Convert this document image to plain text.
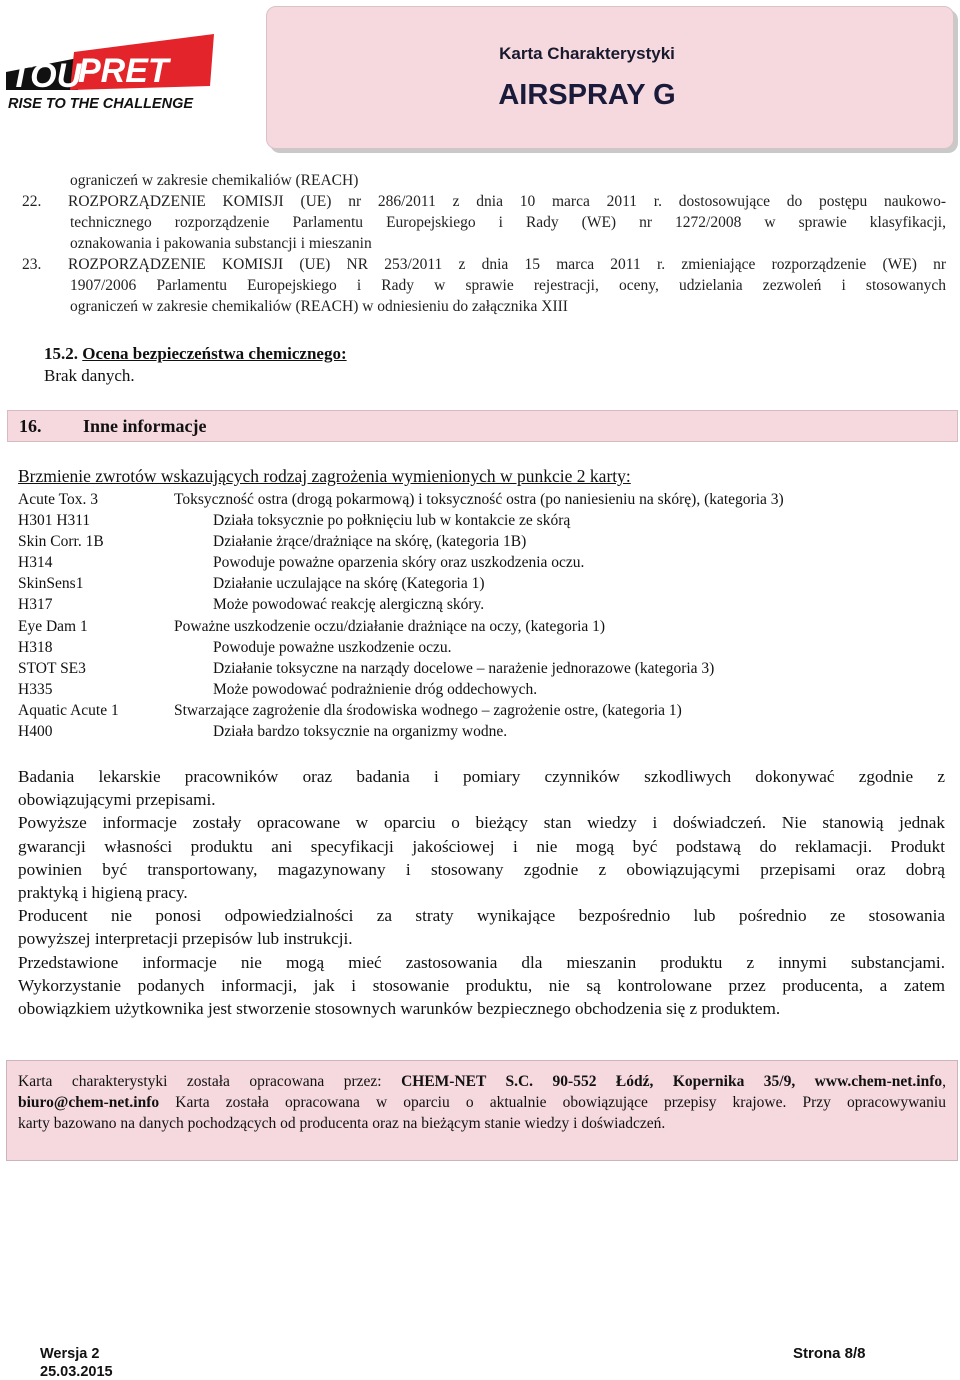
TOU
PRET
RISE TO THE CHALLENGE
Karta Charakterystyki
AIRSPRAY G
ograniczeń w zakresie chemikaliów (REACH)
22. ROZPORZĄDZENIE KOMISJI (UE) nr 286/2011 z dnia 10 marca 2011 r. dostosowujące do postępu naukowo-
technicznego rozporządzenie Parlamentu Europejskiego i Rady (WE) nr 1272/2008 w sprawie klasyfikacji,
oznakowania i pakowania substancji i mieszanin
23. ROZPORZĄDZENIE KOMISJI (UE) NR 253/2011 z dnia 15 marca 2011 r. zmieniające rozporządzenie (WE) nr
1907/2006 Parlamentu Europejskiego i Rady w sprawie rejestracji, oceny, udzielania zezwoleń i stosowanych
ograniczeń w zakresie chemikaliów (REACH) w odniesieniu do załącznika XIII
15.2. Ocena bezpieczeństwa chemicznego:
Brak danych.
16. Inne informacje
Brzmienie zwrotów wskazujących rodzaj zagrożenia wymienionych w punkcie 2 karty:
Acute Tox. 3	Toksyczność ostra (drogą pokarmową) i toksyczność ostra (po naniesieniu na skórę), (kategoria 3)
H301 H311	Działa toksycznie po połknięciu lub w kontakcie ze skórą
Skin Corr. 1B	Działanie żrące/drażniące na skórę, (kategoria 1B)
H314	Powoduje poważne oparzenia skóry oraz uszkodzenia oczu.
SkinSens1	Działanie uczulające na skórę (Kategoria 1)
H317	Może powodować reakcję alergiczną skóry.
Eye Dam 1	Poważne uszkodzenie oczu/działanie drażniące na oczy, (kategoria 1)
H318	Powoduje poważne uszkodzenie oczu.
STOT SE3	Działanie toksyczne na narządy docelowe – narażenie jednorazowe (kategoria 3)
H335	Może powodować podrażnienie dróg oddechowych.
Aquatic Acute 1	Stwarzające zagrożenie dla środowiska wodnego – zagrożenie ostre, (kategoria 1)
H400	Działa bardzo toksycznie na organizmy wodne.
Badania lekarskie pracowników oraz badania i pomiary czynników szkodliwych dokonywać zgodnie z
obowiązującymi przepisami.
Powyższe informacje zostały opracowane w oparciu o bieżący stan wiedzy i doświadczeń. Nie stanowią jednak
gwarancji własności produktu ani specyfikacji jakościowej i nie mogą być podstawą do reklamacji. Produkt
powinien być transportowany, magazynowany i stosowany zgodnie z obowiązującymi przepisami oraz dobrą
praktyką i higieną pracy.
Producent nie ponosi odpowiedzialności za straty wynikające bezpośrednio lub pośrednio ze stosowania
powyższej interpretacji przepisów lub instrukcji.
Przedstawione informacje nie mogą mieć zastosowania dla mieszanin produktu z innymi substancjami.
Wykorzystanie podanych informacji, jak i stosowanie produktu, nie są kontrolowane przez producenta, a zatem
obowiązkiem użytkownika jest stworzenie stosownych warunków bezpiecznego obchodzenia się z produktem.
Karta charakterystyki została opracowana przez: CHEM-NET S.C. 90-552 Łódź, Kopernika 35/9, www.chem-net.info,
biuro@chem-net.info Karta została opracowana w oparciu o aktualnie obowiązujące przepisy krajowe. Przy opracowywaniu
karty bazowano na danych pochodzących od producenta oraz na bieżącym stanie wiedzy i doświadczeń.
Wersja 2
25.03.2015
Strona 8/8
